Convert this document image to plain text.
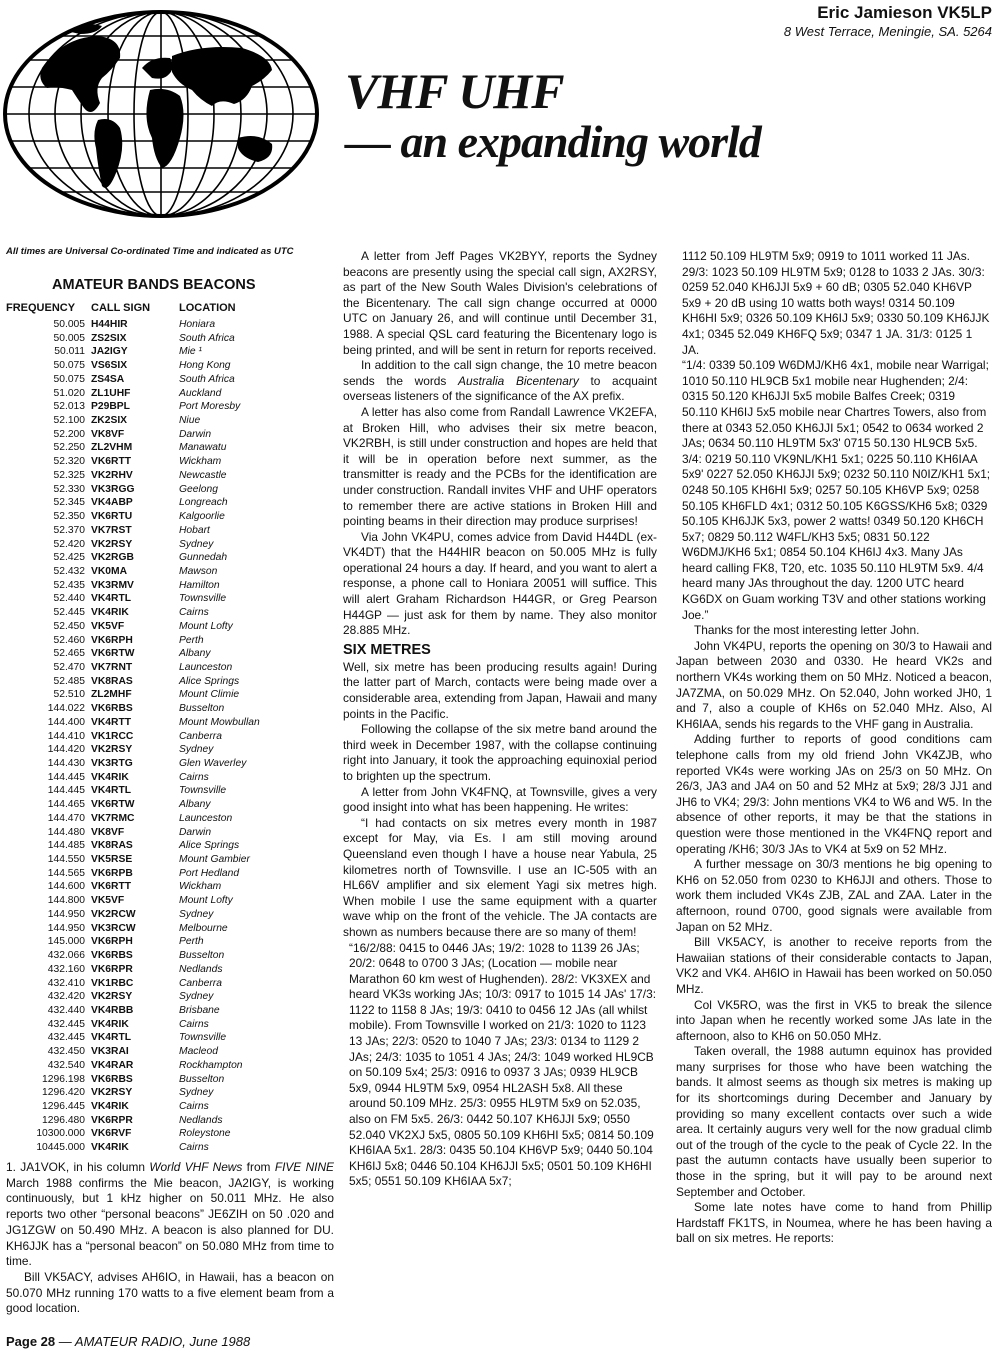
VHF UHF
— an expanding world
Eric Jamieson VK5LP
8 West Terrace, Meningie, SA. 5264
All times are Universal Co-ordinated Time and indicated as UTC
AMATEUR BANDS BEACONS
FREQUENCY	CALL SIGN	LOCATION
50.005 H44HIR	Honiara
50.005 ZS2SIX	South Africa
50.011 JA2IGY	Mie ¹
50.075 VS6SIX	Hong Kong
50.075 ZS4SA	South Africa
51.020 ZL1UHF	Auckland
52.013 P29BPL	Port Moresby
52.100 ZK2SIX	Niue
52.200 VK8VF	Darwin
52.250 ZL2VHM	Manawatu
52.320 VK6RTT	Wickham
52.325 VK2RHV	Newcastle
52.330 VK3RGG	Geelong
52.345 VK4ABP	Longreach
52.350 VK6RTU	Kalgoorlie
52.370 VK7RST	Hobart
52.420 VK2RSY	Sydney
52.425 VK2RGB	Gunnedah
52.432 VK0MA	Mawson
52.435 VK3RMV	Hamilton
52.440 VK4RTL	Townsville
52.445 VK4RIK	Cairns
52.450 VK5VF	Mount Lofty
52.460 VK6RPH	Perth
52.465 VK6RTW	Albany
52.470 VK7RNT	Launceston
52.485 VK8RAS	Alice Springs
52.510 ZL2MHF	Mount Climie
144.022 VK6RBS	Busselton
144.400 VK4RTT	Mount Mowbullan
144.410 VK1RCC	Canberra
144.420 VK2RSY	Sydney
144.430 VK3RTG	Glen Waverley
144.445 VK4RIK	Cairns
144.445 VK4RTL	Townsville
144.465 VK6RTW	Albany
144.470 VK7RMC	Launceston
144.480 VK8VF	Darwin
144.485 VK8RAS	Alice Springs
144.550 VK5RSE	Mount Gambier
144.565 VK6RPB	Port Hedland
144.600 VK6RTT	Wickham
144.800 VK5VF	Mount Lofty
144.950 VK2RCW	Sydney
144.950 VK3RCW	Melbourne
145.000 VK6RPH	Perth
432.066 VK6RBS	Busselton
432.160 VK6RPR	Nedlands
432.410 VK1RBC	Canberra
432.420 VK2RSY	Sydney
432.440 VK4RBB	Brisbane
432.445 VK4RIK	Cairns
432.445 VK4RTL	Townsville
432.450 VK3RAI	Macleod
432.540 VK4RAR	Rockhampton
1296.198 VK6RBS	Busselton
1296.420 VK2RSY	Sydney
1296.445 VK4RIK	Cairns
1296.480 VK6RPR	Nedlands
10300.000 VK6RVF	Roleystone
10445.000 VK4RIK	Cairns

1. JA1VOK, in his column World VHF News from FIVE NINE March 1988 confirms the Mie beacon, JA2IGY, is working continuously, but 1 kHz higher on 50.011 MHz. He also reports two other “personal beacons” JE6ZIH on 50 .020 and JG1ZGW on 50.490 MHz. A beacon is also planned for DU. KH6JJK has a “personal beacon” on 50.080 MHz from time to time.

Bill VK5ACY, advises AH6IO, in Hawaii, has a beacon on 50.070 MHz running 170 watts to a five element beam from a good location.

A letter from Jeff Pages VK2BYY, reports the Sydney beacons are presently using the special call sign, AX2RSY, as part of the New South Wales Division's celebrations of the Bicentenary. The call sign change occurred at 0000 UTC on January 26, and will continue until December 31, 1988. A special QSL card featuring the Bicentenary logo is being printed, and will be sent in return for reports received.

In addition to the call sign change, the 10 metre beacon sends the words Australia Bicentenary to acquaint overseas listeners of the significance of the AX prefix.

A letter has also come from Randall Lawrence VK2EFA, at Broken Hill, who advises their six metre beacon, VK2RBH, is still under construction and hopes are held that it will be in operation before next summer, as the transmitter is ready and the PCBs for the identification are under construction. Randall invites VHF and UHF operators to remember there are active stations in Broken Hill and pointing beams in their direction may produce surprises!

Via John VK4PU, comes advice from David H44DL (ex-VK4DT) that the H44HIR beacon on 50.005 MHz is fully operational 24 hours a day. If heard, and you want to alert a response, a phone call to Honiara 20051 will suffice. This will alert Graham Richardson H44GR, or Greg Pearson H44GP — just ask for them by name. They also monitor 28.885 MHz.

SIX METRES

Well, six metre has been producing results again! During the latter part of March, contacts were being made over a considerable area, extending from Japan, Hawaii and many points in the Pacific.

Following the collapse of the six metre band around the third week in December 1987, with the collapse continuing right into January, it took the approaching equinoxial period to brighten up the spectrum.

A letter from John VK4FNQ, at Townsville, gives a very good insight into what has been happening. He writes:

“I had contacts on six metres every month in 1987 except for May, via Es. I am still moving around Queensland even though I have a house near Yabula, 25 kilometres north of Townsville. I use an IC-505 with an HL66V amplifier and six element Yagi six metres high. When mobile I use the same equipment with a quarter wave whip on the front of the vehicle. The JA contacts are shown as numbers because there are so many of them!

“16/2/88: 0415 to 0446 JAs; 19/2: 1028 to 1139 26 JAs; 20/2: 0648 to 0700 3 JAs; (Location — mobile near Marathon 60 km west of Hughenden). 28/2: VK3XEX and heard VK3s working JAs; 10/3: 0917 to 1015 14 JAs' 17/3: 1122 to 1158 8 JAs; 19/3: 0410 to 0456 12 JAs (all whilst mobile). From Townsville I worked on 21/3: 1020 to 1123 13 JAs; 22/3: 0520 to 1040 7 JAs; 23/3: 0134 to 1129 2 JAs; 24/3: 1035 to 1051 4 JAs; 24/3: 1049 worked HL9CB on 50.109 5x4; 25/3: 0916 to 0937 3 JAs; 0939 HL9CB 5x9, 0944 HL9TM 5x9, 0954 HL2ASH 5x8. All these around 50.109 MHz. 25/3: 0955 HL9TM 5x9 on 52.035, also on FM 5x5. 26/3: 0442 50.107 KH6JJI 5x9; 0550 52.040 VK2XJ 5x5, 0805 50.109 KH6HI 5x5; 0814 50.109 KH6IAA 5x1. 28/3: 0435 50.104 KH6VP 5x9; 0440 50.104 KH6IJ 5x8; 0446 50.104 KH6JJI 5x5; 0501 50.109 KH6HI 5x5; 0551 50.109 KH6IAA 5x7;

1112 50.109 HL9TM 5x9; 0919 to 1011 worked 11 JAs. 29/3: 1023 50.109 HL9TM 5x9; 0128 to 1033 2 JAs. 30/3: 0259 52.040 KH6JJI 5x9 + 60 dB; 0305 52.040 KH6VP 5x9 + 20 dB using 10 watts both ways! 0314 50.109 KH6HI 5x9; 0326 50.109 KH6IJ 5x9; 0330 50.109 KH6JJK 4x1; 0345 52.049 KH6FQ 5x9; 0347 1 JA. 31/3: 0125 1 JA.

“1/4: 0339 50.109 W6DMJ/KH6 4x1, mobile near Warrigal; 1010 50.110 HL9CB 5x1 mobile near Hughenden; 2/4: 0315 50.120 KH6JJI 5x5 mobile Balfes Creek; 0319 50.110 KH6IJ 5x5 mobile near Chartres Towers, also from there at 0343 52.050 KH6JJI 5x1; 0542 to 0634 worked 2 JAs; 0634 50.110 HL9TM 5x3' 0715 50.130 HL9CB 5x5. 3/4: 0219 50.110 VK9NL/KH1 5x1; 0225 50.110 KH6IAA 5x9' 0227 52.050 KH6JJI 5x9; 0232 50.110 N0IZ/KH1 5x1; 0248 50.105 KH6HI 5x9; 0257 50.105 KH6VP 5x9; 0258 50.105 KH6FLD 4x1; 0312 50.105 K6GSS/KH6 5x8; 0329 50.105 KH6JJK 5x3, power 2 watts! 0349 50.120 KH6CH 5x7; 0829 50.112 W4FL/KH3 5x5; 0831 50.122 W6DMJ/KH6 5x1; 0854 50.104 KH6IJ 4x3. Many JAs heard calling FK8, T20, etc. 1035 50.110 HL9TM 5x9. 4/4 heard many JAs throughout the day. 1200 UTC heard KG6DX on Guam working T3V and other stations working Joe.”

Thanks for the most interesting letter John.

John VK4PU, reports the opening on 30/3 to Hawaii and Japan between 2030 and 0330. He heard VK2s and northern VK4s working them on 50 MHz. Noticed a beacon, JA7ZMA, on 50.029 MHz. On 52.040, John worked JH0, 1 and 7, also a couple of KH6s on 52.040 MHz. Also, Al KH6IAA, sends his regards to the VHF gang in Australia.

Adding further to reports of good conditions cam telephone calls from my old friend John VK4ZJB, who reported VK4s were working JAs on 25/3 on 50 MHz. On 26/3, JA3 and JA4 on 50 and 52 MHz at 5x9; 28/3 JJ1 and JH6 to VK4; 29/3: John mentions VK4 to W6 and W5. In the absence of other reports, it may be that the stations in question were those mentioned in the VK4FNQ report and operating /KH6; 30/3 JAs to VK4 at 5x9 on 52 MHz.

A further message on 30/3 mentions he big opening to KH6 on 52.050 from 0230 to KH6JJI and others. Those to work them included VK4s ZJB, ZAL and ZAA. Later in the afternoon, round 0700, good signals were available from Japan on 52 MHz.

Bill VK5ACY, is another to receive reports from the Hawaiian stations of their considerable contacts to Japan, VK2 and VK4. AH6IO in Hawaii has been worked on 50.050 MHz.

Col VK5RO, was the first in VK5 to break the silence into Japan when he recently worked some JAs late in the afternoon, also to KH6 on 50.050 MHz.

Taken overall, the 1988 autumn equinox has provided many surprises for those who have been watching the bands. It almost seems as though six metres is making up for its shortcomings during December and January by providing so many excellent contacts over such a wide area. It certainly augurs very well for the now gradual climb out of the trough of the cycle to the peak of Cycle 22. In the past the autumn contacts have usually been superior to those in the spring, but it will pay to be around next September and October.

Some late notes have come to hand from Phillip Hardstaff FK1TS, in Noumea, where he has been having a ball on six metres. He reports:

Page 28 — AMATEUR RADIO, June 1988
